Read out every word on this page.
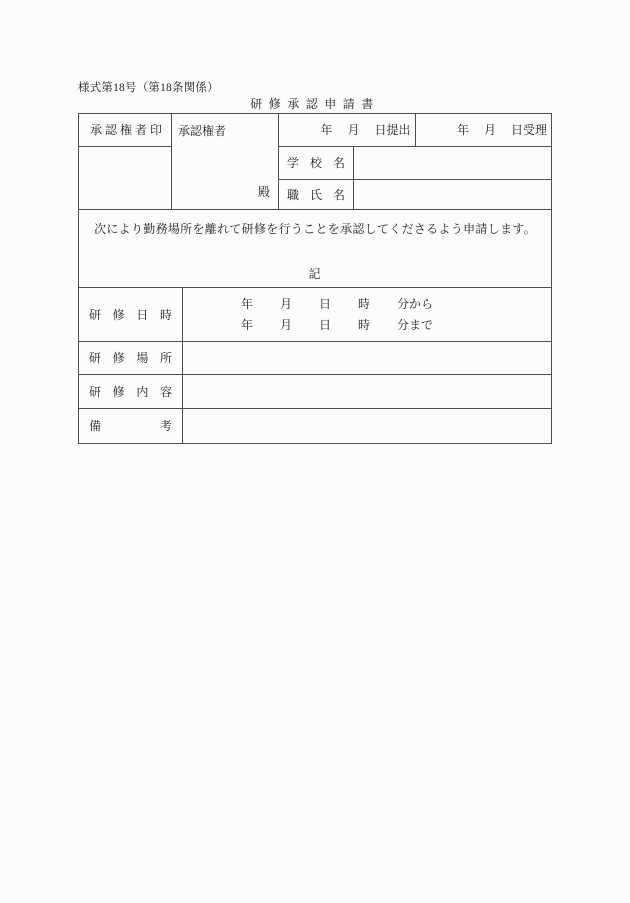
様式第18号（第18条関係）
研修承認申請書
承認権者印	承認権者
殿
年 月 日提出	年 月 日受理
学 校 名
職 氏 名
次により勤務場所を離れて研修を行うことを承認してくださるよう申請します。
記
研 修 日 時
年 月 日 時 分から
年 月 日 時 分まで
研 修 場 所
研 修 内 容
備 考
